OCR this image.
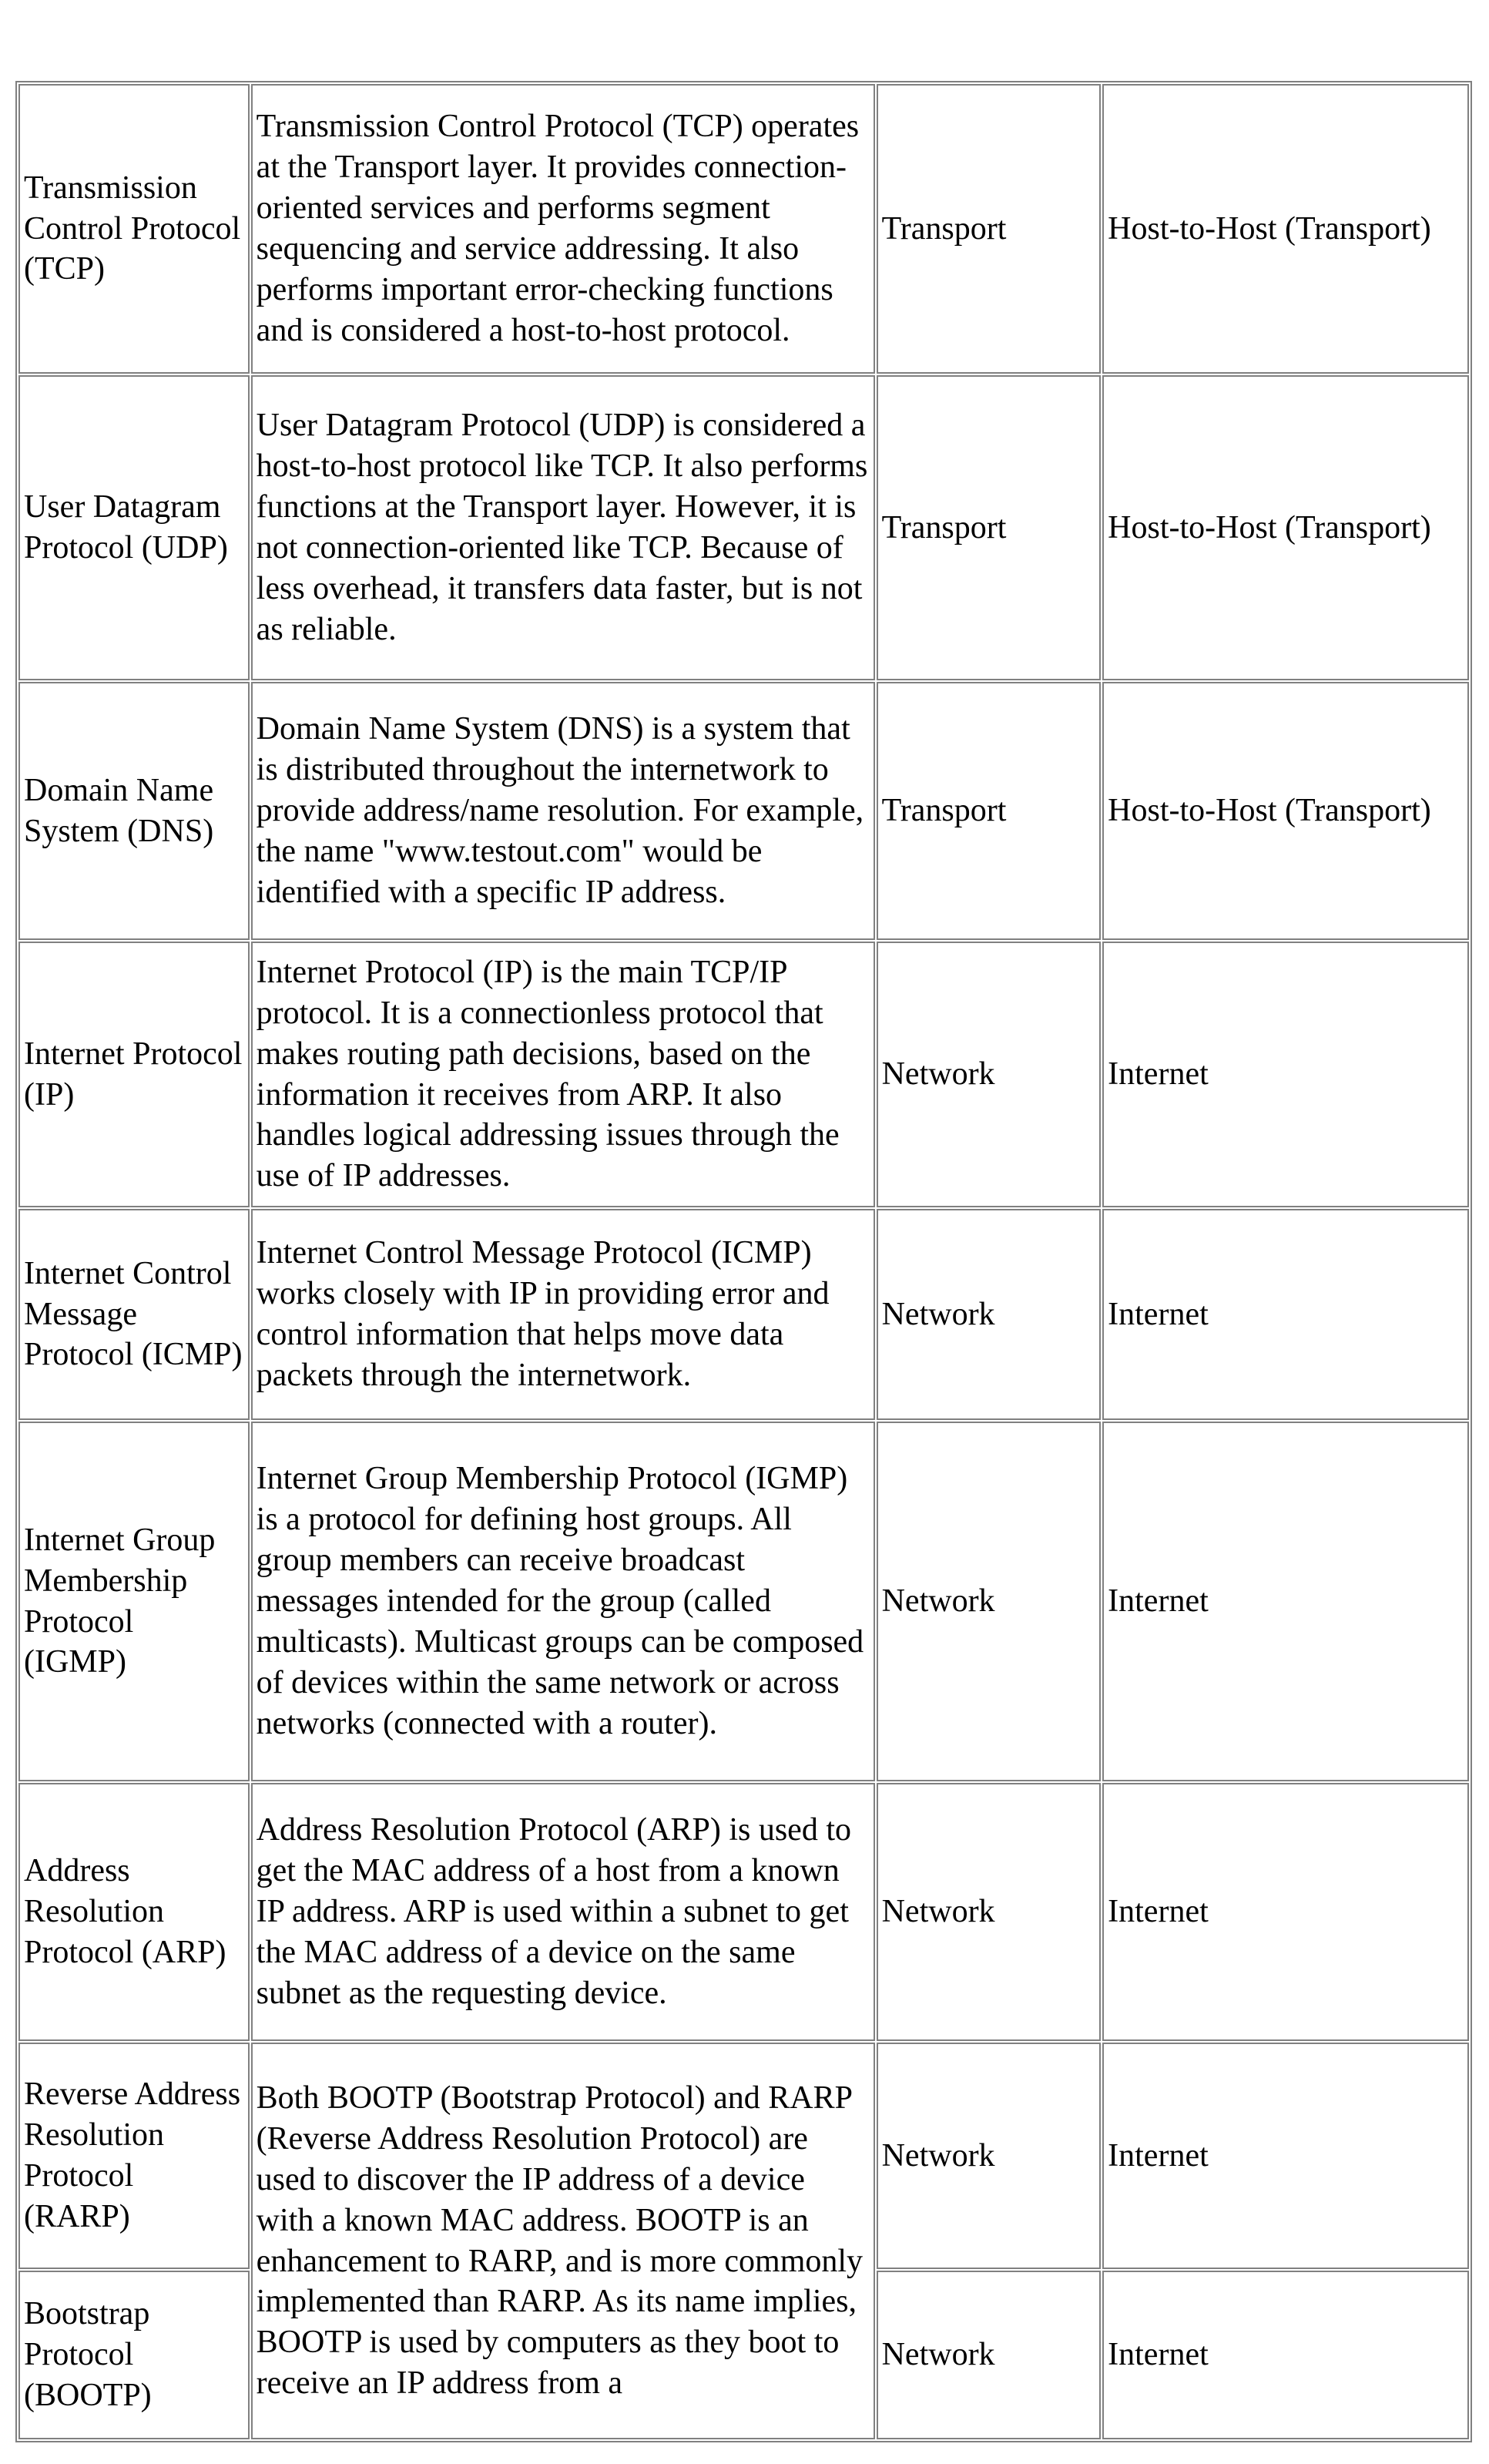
Transmission Control Protocol (TCP)	Transmission Control Protocol (TCP) operates at the Transport layer. It provides connection-oriented services and performs segment sequencing and service addressing. It also performs important error-checking functions and is considered a host-to-host protocol.	Transport	Host-to-Host (Transport)
User Datagram Protocol (UDP)	User Datagram Protocol (UDP) is considered a host-to-host protocol like TCP. It also performs functions at the Transport layer. However, it is not connection-oriented like TCP. Because of less overhead, it transfers data faster, but is not as reliable.	Transport	Host-to-Host (Transport)
Domain Name System (DNS)	Domain Name System (DNS) is a system that is distributed throughout the internetwork to provide address/name resolution. For example, the name "www.testout.com" would be identified with a specific IP address.	Transport	Host-to-Host (Transport)
Internet Protocol (IP)	Internet Protocol (IP) is the main TCP/IP protocol. It is a connectionless protocol that makes routing path decisions, based on the information it receives from ARP. It also handles logical addressing issues through the use of IP addresses.	Network	Internet
Internet Control Message Protocol (ICMP)	Internet Control Message Protocol (ICMP) works closely with IP in providing error and control information that helps move data packets through the internetwork.	Network	Internet
Internet Group Membership Protocol (IGMP)	Internet Group Membership Protocol (IGMP) is a protocol for defining host groups. All group members can receive broadcast messages intended for the group (called multicasts). Multicast groups can be composed of devices within the same network or across networks (connected with a router).	Network	Internet
Address Resolution Protocol (ARP)	Address Resolution Protocol (ARP) is used to get the MAC address of a host from a known IP address. ARP is used within a subnet to get the MAC address of a device on the same subnet as the requesting device.	Network	Internet
Reverse Address Resolution Protocol (RARP)	Both BOOTP (Bootstrap Protocol) and RARP (Reverse Address Resolution Protocol) are used to discover the IP address of a device with a known MAC address. BOOTP is an enhancement to RARP, and is more commonly implemented than RARP. As its name implies, BOOTP is used by computers as they boot to receive an IP address from a	Network	Internet
Bootstrap Protocol (BOOTP)		Network	Internet
